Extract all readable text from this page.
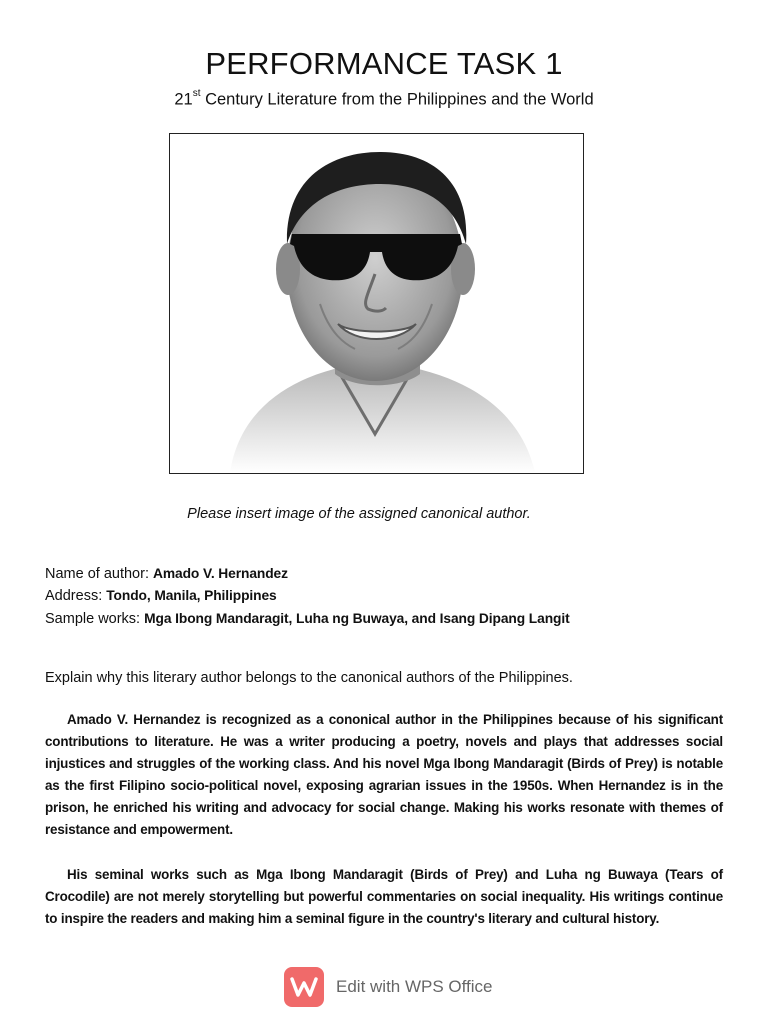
PERFORMANCE TASK 1
21st Century Literature from the Philippines and the World
Please insert image of the assigned canonical author.
Name of author: Amado V. Hernandez
Address: Tondo, Manila, Philippines
Sample works: Mga Ibong Mandaragit, Luha ng Buwaya, and Isang Dipang Langit
Explain why this literary author belongs to the canonical authors of the Philippines.
Amado V. Hernandez is recognized as a cononical author in the Philippines because of his significant contributions to literature. He was a writer producing a poetry, novels and plays that addresses social injustices and struggles of the working class. And his novel Mga Ibong Mandaragit (Birds of Prey) is notable as the first Filipino socio-political novel, exposing agrarian issues in the 1950s. When Hernandez is in the prison, he enriched his writing and advocacy for social change. Making his works resonate with themes of resistance and empowerment.
His seminal works such as Mga Ibong Mandaragit (Birds of Prey) and Luha ng Buwaya (Tears of Crocodile) are not merely storytelling but powerful commentaries on social inequality. His writings continue to inspire the readers and making him a seminal figure in the country's literary and cultural history.
Edit with WPS Office
